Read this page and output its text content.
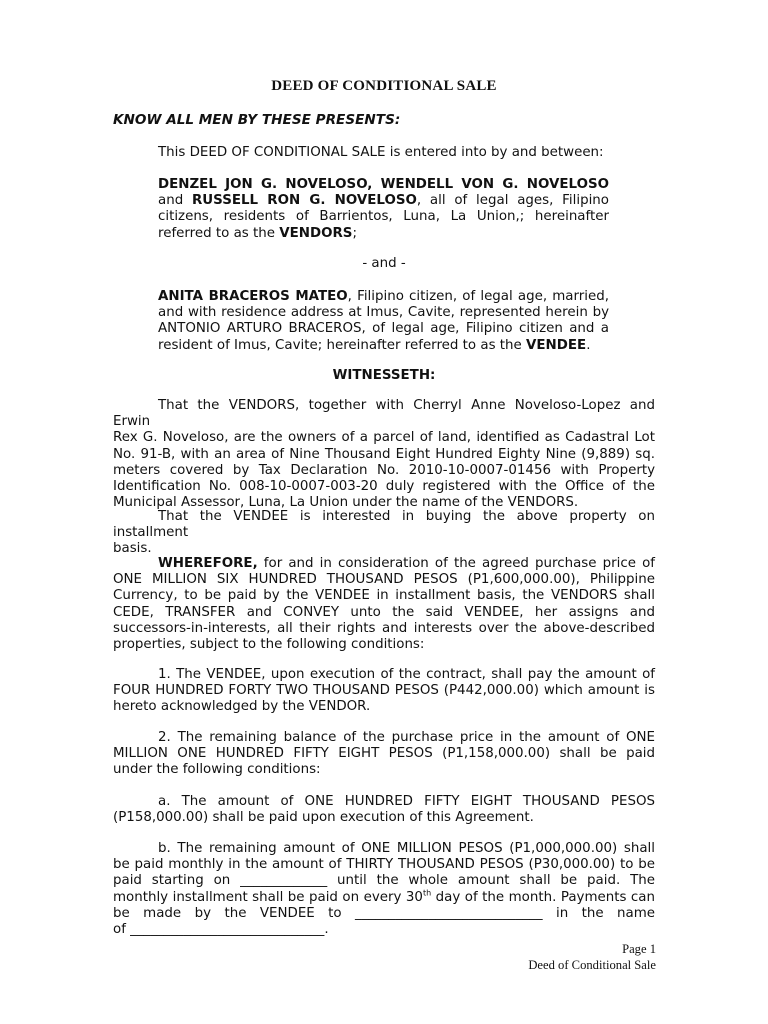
DEED OF CONDITIONAL SALE
KNOW ALL MEN BY THESE PRESENTS:
This DEED OF CONDITIONAL SALE is entered into by and between:
DENZEL JON G. NOVELOSO, WENDELL VON G. NOVELOSO
and RUSSELL RON G. NOVELOSO, all of legal ages, Filipino
citizens, residents of Barrientos, Luna, La Union,; hereinafter
referred to as the VENDORS;
- and -
ANITA BRACEROS MATEO, Filipino citizen, of legal age, married,
and with residence address at Imus, Cavite, represented herein by
ANTONIO ARTURO BRACEROS, of legal age, Filipino citizen and a
resident of Imus, Cavite; hereinafter referred to as the VENDEE.
WITNESSETH:
That the VENDORS, together with Cherryl Anne Noveloso-Lopez and Erwin
Rex G. Noveloso, are the owners of a parcel of land, identified as Cadastral Lot
No. 91-B, with an area of Nine Thousand Eight Hundred Eighty Nine (9,889) sq.
meters covered by Tax Declaration No. 2010-10-0007-01456 with Property
Identification No. 008-10-0007-003-20 duly registered with the Office of the
Municipal Assessor, Luna, La Union under the name of the VENDORS.
That the VENDEE is interested in buying the above property on installment
basis.
WHEREFORE, for and in consideration of the agreed purchase price of
ONE MILLION SIX HUNDRED THOUSAND PESOS (P1,600,000.00), Philippine
Currency, to be paid by the VENDEE in installment basis, the VENDORS shall
CEDE, TRANSFER and CONVEY unto the said VENDEE, her assigns and
successors-in-interests, all their rights and interests over the above-described
properties, subject to the following conditions:
1. The VENDEE, upon execution of the contract, shall pay the amount of
FOUR HUNDRED FORTY TWO THOUSAND PESOS (P442,000.00) which amount is
hereto acknowledged by the VENDOR.
2. The remaining balance of the purchase price in the amount of ONE
MILLION ONE HUNDRED FIFTY EIGHT PESOS (P1,158,000.00) shall be paid
under the following conditions:
a. The amount of ONE HUNDRED FIFTY EIGHT THOUSAND PESOS
(P158,000.00) shall be paid upon execution of this Agreement.
b. The remaining amount of ONE MILLION PESOS (P1,000,000.00) shall
be paid monthly in the amount of THIRTY THOUSAND PESOS (P30,000.00) to be
paid starting on _____________ until the whole amount shall be paid. The
monthly installment shall be paid on every 30th day of the month. Payments can
be made by the VENDEE to ____________________________ in the name
of _____________________________.
Page 1
Deed of Conditional Sale
